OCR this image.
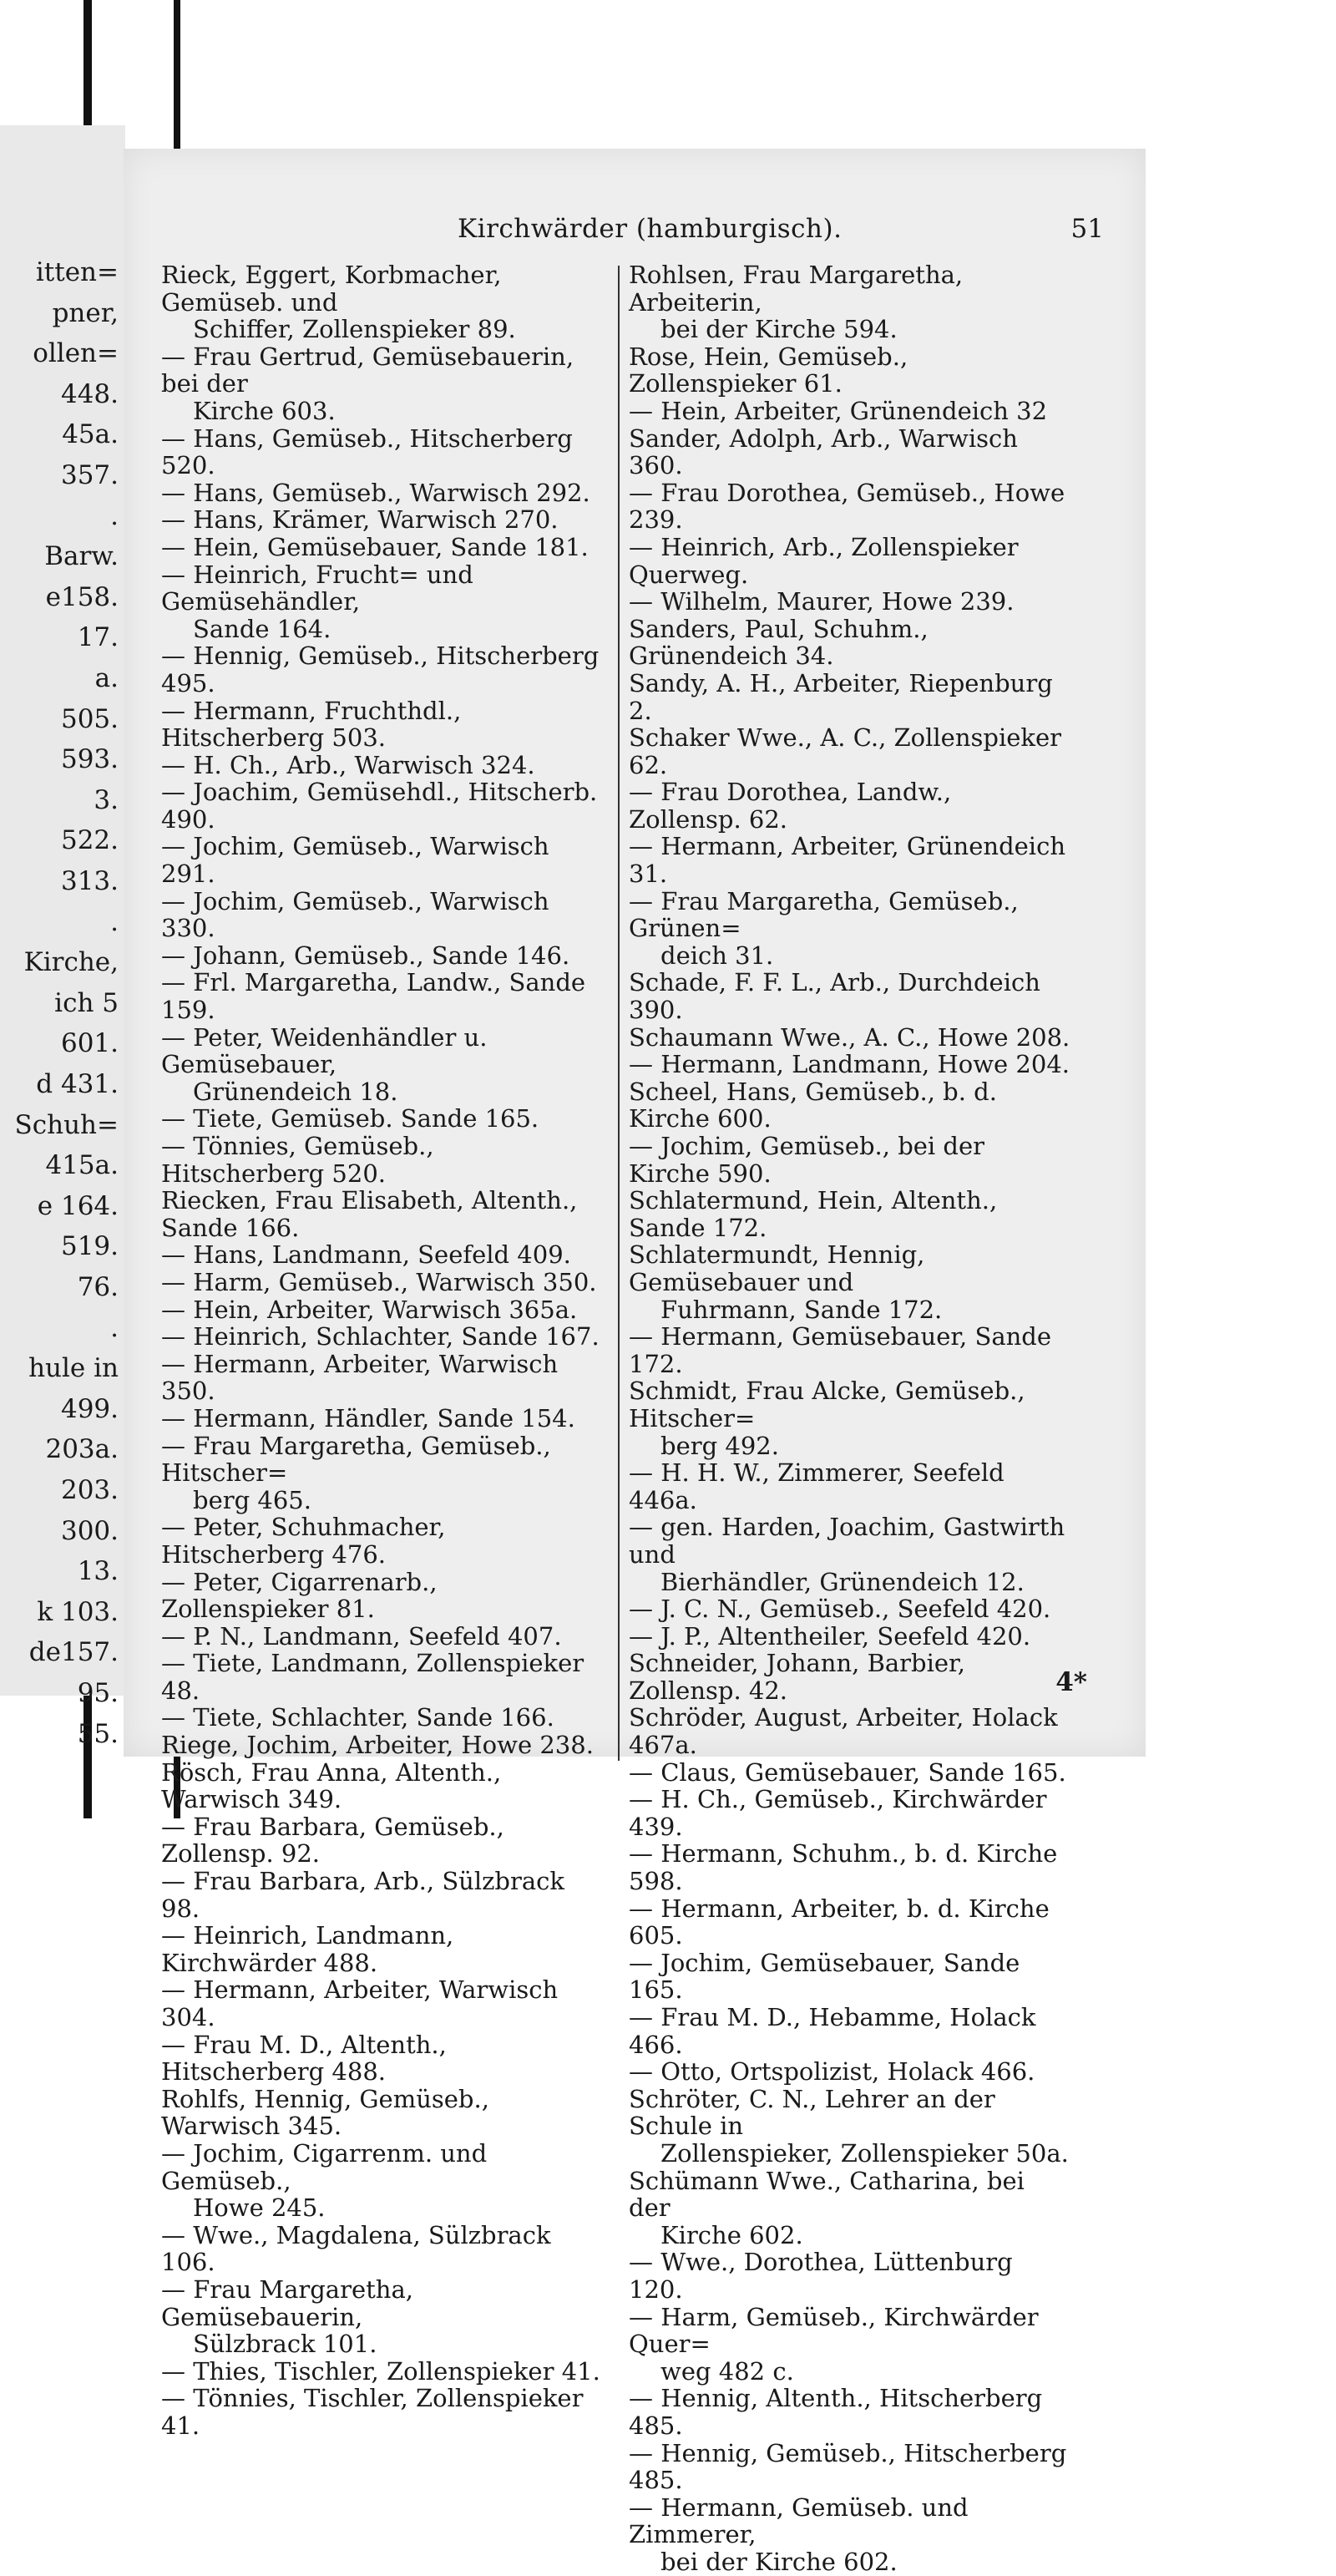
itten=
pner,
ollen=
448.
45a.
357.
.
Barw.
e158.
17.
a.
505.
593.
3.
522.
313.
.
Kirche,
ich 5
601.
d 431.
Schuh=
415a.
e 164.
519.
76.
.
hule in
499.
203a.
203.
300.
13.
k 103.
de157.
95.
55.
Kirchwärder (hamburgisch).	51

Rieck, Eggert, Korbmacher, Gemüseb. und
Schiffer, Zollenspieker 89.

— Frau Gertrud, Gemüsebauerin, bei der
Kirche 603.

— Hans, Gemüseb., Hitscherberg 520.

— Hans, Gemüseb., Warwisch 292.

— Hans, Krämer, Warwisch 270.

— Hein, Gemüsebauer, Sande 181.

— Heinrich, Frucht= und Gemüsehändler,
Sande 164.

— Hennig, Gemüseb., Hitscherberg 495.

— Hermann, Fruchthdl., Hitscherberg 503.

— H. Ch., Arb., Warwisch 324.

— Joachim, Gemüsehdl., Hitscherb. 490.

— Jochim, Gemüseb., Warwisch 291.

— Jochim, Gemüseb., Warwisch 330.

— Johann, Gemüseb., Sande 146.

— Frl. Margaretha, Landw., Sande 159.

— Peter, Weidenhändler u. Gemüsebauer,
Grünendeich 18.

— Tiete, Gemüseb. Sande 165.

— Tönnies, Gemüseb., Hitscherberg 520.

Riecken, Frau Elisabeth, Altenth., Sande 166.

— Hans, Landmann, Seefeld 409.

— Harm, Gemüseb., Warwisch 350.

— Hein, Arbeiter, Warwisch 365a.

— Heinrich, Schlachter, Sande 167.

— Hermann, Arbeiter, Warwisch 350.

— Hermann, Händler, Sande 154.

— Frau Margaretha, Gemüseb., Hitscher=
berg 465.

— Peter, Schuhmacher, Hitscherberg 476.

— Peter, Cigarrenarb., Zollenspieker 81.

— P. N., Landmann, Seefeld 407.

— Tiete, Landmann, Zollenspieker 48.

— Tiete, Schlachter, Sande 166.

Riege, Jochim, Arbeiter, Howe 238.

Rösch, Frau Anna, Altenth., Warwisch 349.

— Frau Barbara, Gemüseb., Zollensp. 92.

— Frau Barbara, Arb., Sülzbrack 98.

— Heinrich, Landmann, Kirchwärder 488.

— Hermann, Arbeiter, Warwisch 304.

— Frau M. D., Altenth., Hitscherberg 488.

Rohlfs, Hennig, Gemüseb., Warwisch 345.

— Jochim, Cigarrenm. und Gemüseb.,
Howe 245.

— Wwe., Magdalena, Sülzbrack 106.

— Frau Margaretha, Gemüsebauerin,
Sülzbrack 101.

— Thies, Tischler, Zollenspieker 41.

— Tönnies, Tischler, Zollenspieker 41.

Rohlsen, Frau Margaretha, Arbeiterin,
bei der Kirche 594.

Rose, Hein, Gemüseb., Zollenspieker 61.

— Hein, Arbeiter, Grünendeich 32

Sander, Adolph, Arb., Warwisch 360.

— Frau Dorothea, Gemüseb., Howe 239.

— Heinrich, Arb., Zollenspieker Querweg.

— Wilhelm, Maurer, Howe 239.

Sanders, Paul, Schuhm., Grünendeich 34.

Sandy, A. H., Arbeiter, Riepenburg 2.

Schaker Wwe., A. C., Zollenspieker 62.

— Frau Dorothea, Landw., Zollensp. 62.

— Hermann, Arbeiter, Grünendeich 31.

— Frau Margaretha, Gemüseb., Grünen=
deich 31.

Schade, F. F. L., Arb., Durchdeich 390.

Schaumann Wwe., A. C., Howe 208.

— Hermann, Landmann, Howe 204.

Scheel, Hans, Gemüseb., b. d. Kirche 600.

— Jochim, Gemüseb., bei der Kirche 590.

Schlatermund, Hein, Altenth., Sande 172.

Schlatermundt, Hennig, Gemüsebauer und
Fuhrmann, Sande 172.

— Hermann, Gemüsebauer, Sande 172.

Schmidt, Frau Alcke, Gemüseb., Hitscher=
berg 492.

— H. H. W., Zimmerer, Seefeld 446a.

— gen. Harden, Joachim, Gastwirth und
Bierhändler, Grünendeich 12.

— J. C. N., Gemüseb., Seefeld 420.

— J. P., Altentheiler, Seefeld 420.

Schneider, Johann, Barbier, Zollensp. 42.

Schröder, August, Arbeiter, Holack 467a.

— Claus, Gemüsebauer, Sande 165.

— H. Ch., Gemüseb., Kirchwärder 439.

— Hermann, Schuhm., b. d. Kirche 598.

— Hermann, Arbeiter, b. d. Kirche 605.

— Jochim, Gemüsebauer, Sande 165.

— Frau M. D., Hebamme, Holack 466.

— Otto, Ortspolizist, Holack 466.

Schröter, C. N., Lehrer an der Schule in
Zollenspieker, Zollenspieker 50a.

Schümann Wwe., Catharina, bei der
Kirche 602.

— Wwe., Dorothea, Lüttenburg 120.

— Harm, Gemüseb., Kirchwärder Quer=
weg 482 c.

— Hennig, Altenth., Hitscherberg 485.

— Hennig, Gemüseb., Hitscherberg 485.

— Hermann, Gemüseb. und Zimmerer,
bei der Kirche 602.

4*
